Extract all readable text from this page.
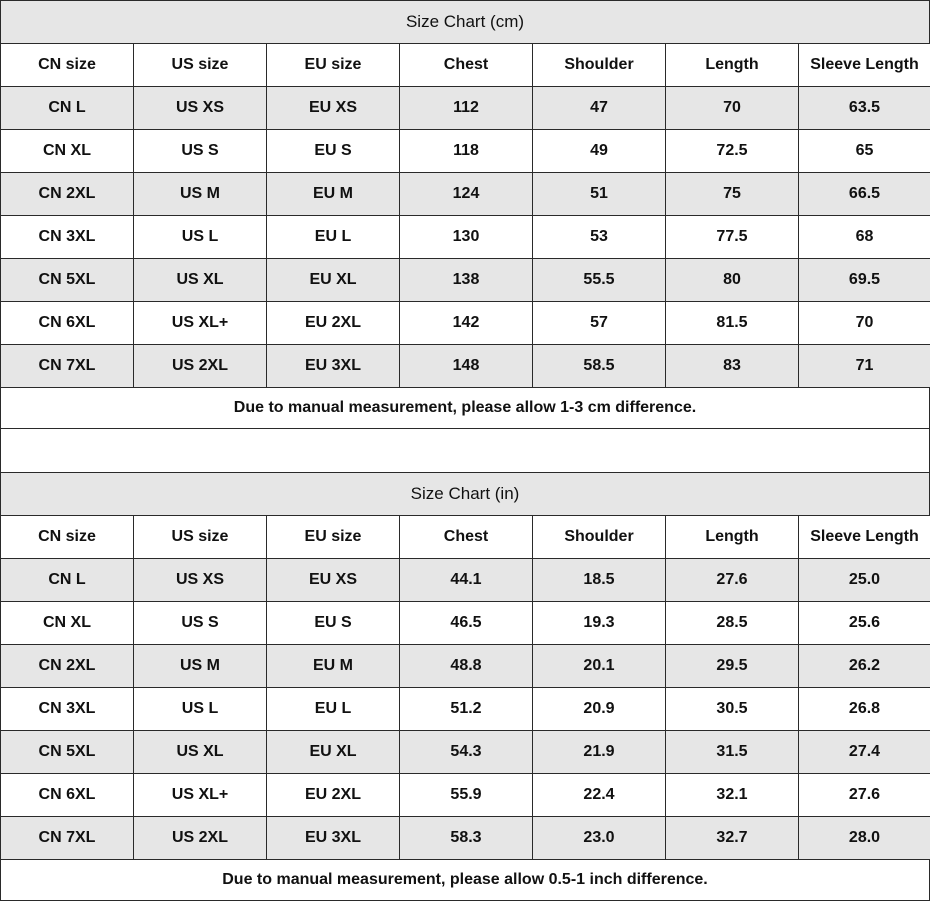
Size Chart (cm)
CN size	US size	EU size	Chest	Shoulder	Length	Sleeve Length
CN L	US XS	EU XS	112	47	70	63.5
CN XL	US S	EU S	118	49	72.5	65
CN 2XL	US M	EU M	124	51	75	66.5
CN 3XL	US L	EU L	130	53	77.5	68
CN 5XL	US XL	EU XL	138	55.5	80	69.5
CN 6XL	US XL+	EU 2XL	142	57	81.5	70
CN 7XL	US 2XL	EU 3XL	148	58.5	83	71
Due to manual measurement, please allow 1-3 cm difference.
Size Chart (in)
CN size	US size	EU size	Chest	Shoulder	Length	Sleeve Length
CN L	US XS	EU XS	44.1	18.5	27.6	25.0
CN XL	US S	EU S	46.5	19.3	28.5	25.6
CN 2XL	US M	EU M	48.8	20.1	29.5	26.2
CN 3XL	US L	EU L	51.2	20.9	30.5	26.8
CN 5XL	US XL	EU XL	54.3	21.9	31.5	27.4
CN 6XL	US XL+	EU 2XL	55.9	22.4	32.1	27.6
CN 7XL	US 2XL	EU 3XL	58.3	23.0	32.7	28.0
Due to manual measurement, please allow 0.5-1 inch difference.
